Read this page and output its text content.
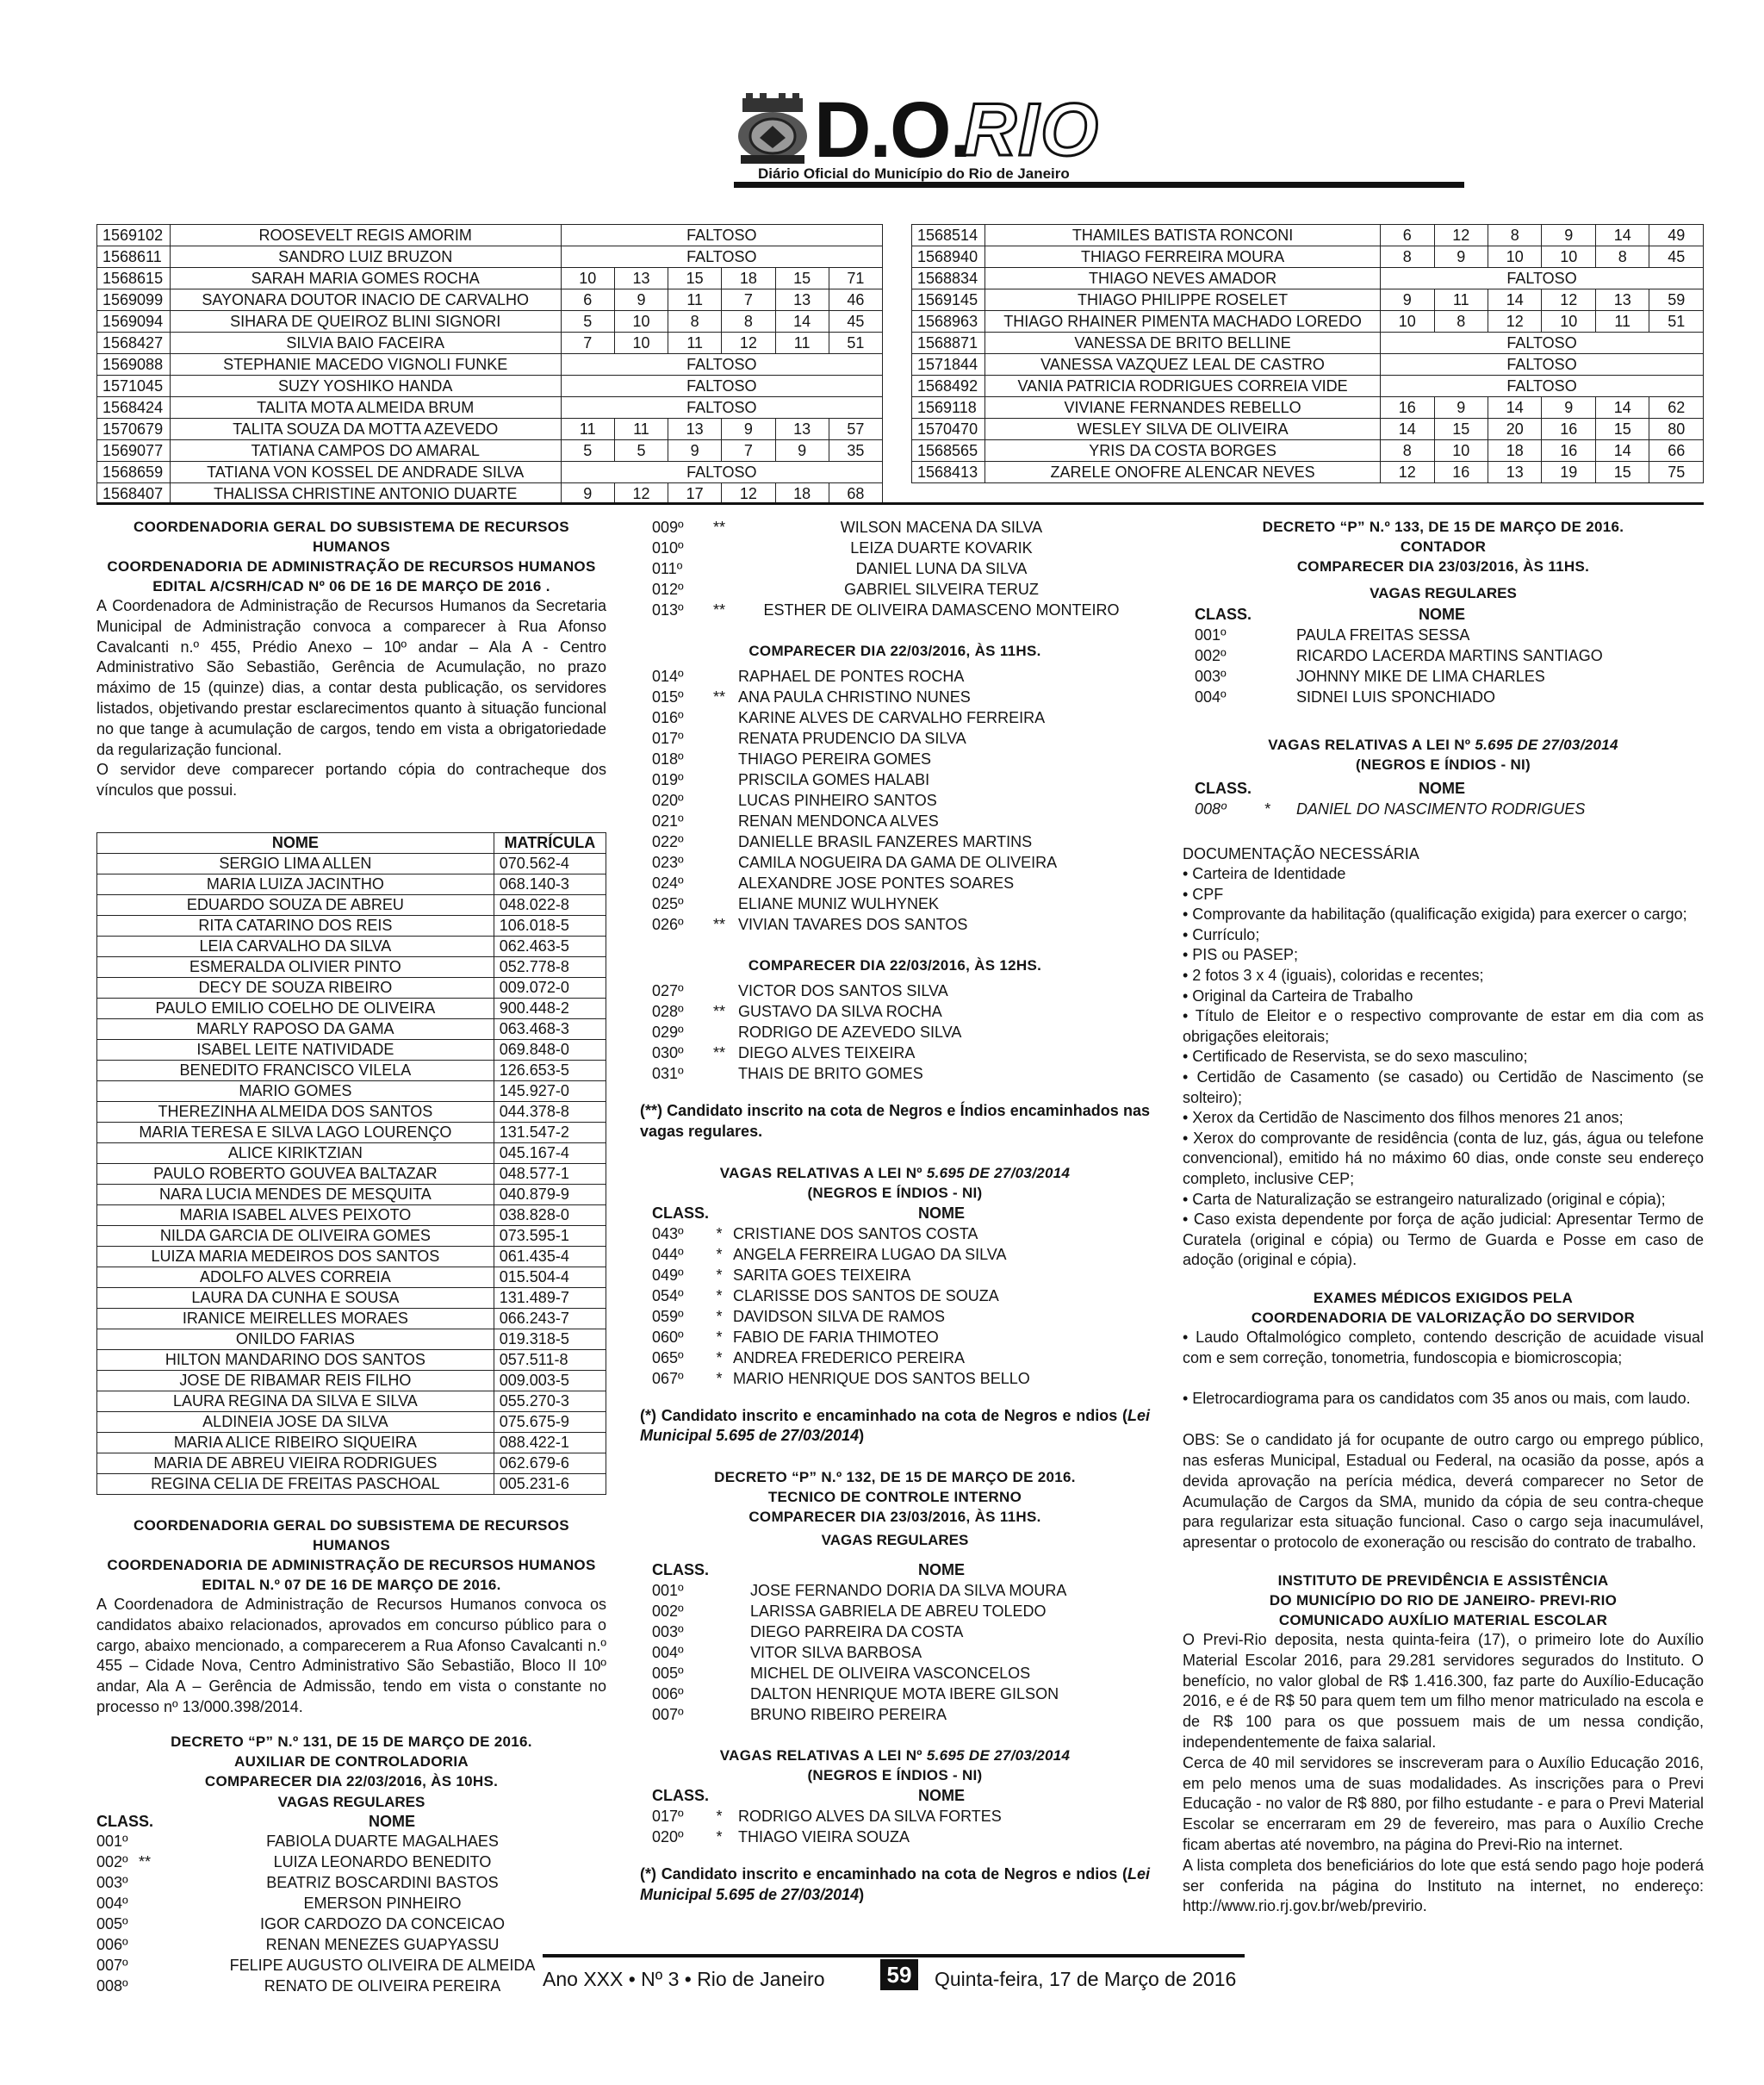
D.O.
RIO
Diário Oficial do Município do Rio de Janeiro
1569102	ROOSEVELT REGIS AMORIM	FALTOSO					
1568611	SANDRO LUIZ BRUZON	FALTOSO					
1568615	SARAH MARIA GOMES ROCHA	10	13	15	18	15	71
1569099	SAYONARA DOUTOR INACIO DE CARVALHO	6	9	11	7	13	46
1569094	SIHARA DE QUEIROZ BLINI SIGNORI	5	10	8	8	14	45
1568427	SILVIA BAIO FACEIRA	7	10	11	12	11	51
1569088	STEPHANIE MACEDO VIGNOLI FUNKE	FALTOSO					
1571045	SUZY YOSHIKO HANDA	FALTOSO					
1568424	TALITA MOTA ALMEIDA BRUM	FALTOSO					
1570679	TALITA SOUZA DA MOTTA AZEVEDO	11	11	13	9	13	57
1569077	TATIANA CAMPOS DO AMARAL	5	5	9	7	9	35
1568659	TATIANA VON KOSSEL DE ANDRADE SILVA	FALTOSO					
1568407	THALISSA CHRISTINE ANTONIO DUARTE	9	12	17	12	18	68
1568514	THAMILES BATISTA RONCONI	6	12	8	9	14	49
1568940	THIAGO FERREIRA MOURA	8	9	10	10	8	45
1568834	THIAGO NEVES AMADOR	FALTOSO					
1569145	THIAGO PHILIPPE ROSELET	9	11	14	12	13	59
1568963	THIAGO RHAINER PIMENTA MACHADO LOREDO	10	8	12	10	11	51
1568871	VANESSA DE BRITO BELLINE	FALTOSO					
1571844	VANESSA VAZQUEZ LEAL DE CASTRO	FALTOSO					
1568492	VANIA PATRICIA RODRIGUES CORREIA VIDE	FALTOSO					
1569118	VIVIANE FERNANDES REBELLO	16	9	14	9	14	62
1570470	WESLEY SILVA DE OLIVEIRA	14	15	20	16	15	80
1568565	YRIS DA COSTA BORGES	8	10	18	16	14	66
1568413	ZARELE ONOFRE ALENCAR NEVES	12	16	13	19	15	75
COORDENADORIA GERAL DO SUBSISTEMA DE RECURSOS HUMANOS
COORDENADORIA DE ADMINISTRAÇÃO DE RECURSOS HUMANOS
EDITAL A/CSRH/CAD Nº 06 DE 16 DE MARÇO DE 2016 .
A Coordenadora de Administração de Recursos Humanos da Secretaria Municipal de Administração convoca a comparecer à Rua Afonso Cavalcanti n.º 455, Prédio Anexo – 10º andar – Ala A - Centro Administrativo São Sebastião, Gerência de Acumulação, no prazo máximo de 15 (quinze) dias, a contar desta publicação, os servidores listados, objetivando prestar esclarecimentos quanto à situação funcional no que tange à acumulação de cargos, tendo em vista a obrigatoriedade da regularização funcional.
O servidor deve comparecer portando cópia do contracheque dos vínculos que possui.
NOME	MATRÍCULA
SERGIO LIMA ALLEN	070.562-4
MARIA LUIZA JACINTHO	068.140-3
EDUARDO SOUZA DE ABREU	048.022-8
RITA CATARINO DOS REIS	106.018-5
LEIA CARVALHO DA SILVA	062.463-5
ESMERALDA OLIVIER PINTO	052.778-8
DECY DE SOUZA RIBEIRO	009.072-0
PAULO EMILIO COELHO DE OLIVEIRA	900.448-2
MARLY RAPOSO DA GAMA	063.468-3
ISABEL LEITE NATIVIDADE	069.848-0
BENEDITO FRANCISCO VILELA	126.653-5
MARIO GOMES	145.927-0
THEREZINHA ALMEIDA DOS SANTOS	044.378-8
MARIA TERESA E SILVA LAGO LOURENÇO	131.547-2
ALICE KIRIKTZIAN	045.167-4
PAULO ROBERTO GOUVEA BALTAZAR	048.577-1
NARA LUCIA MENDES DE MESQUITA	040.879-9
MARIA ISABEL ALVES PEIXOTO	038.828-0
NILDA GARCIA DE OLIVEIRA GOMES	073.595-1
LUIZA MARIA MEDEIROS DOS SANTOS	061.435-4
ADOLFO ALVES CORREIA	015.504-4
LAURA DA CUNHA E SOUSA	131.489-7
IRANICE MEIRELLES MORAES	066.243-7
ONILDO FARIAS	019.318-5
HILTON MANDARINO DOS SANTOS	057.511-8
JOSE DE RIBAMAR REIS FILHO	009.003-5
LAURA REGINA DA SILVA E SILVA	055.270-3
ALDINEIA JOSE DA SILVA	075.675-9
MARIA ALICE RIBEIRO SIQUEIRA	088.422-1
MARIA DE ABREU VIEIRA RODRIGUES	062.679-6
REGINA CELIA DE FREITAS PASCHOAL	005.231-6
COORDENADORIA GERAL DO SUBSISTEMA DE RECURSOS HUMANOS
COORDENADORIA DE ADMINISTRAÇÃO DE RECURSOS HUMANOS
EDITAL N.º 07 DE 16 DE MARÇO DE 2016.
A Coordenadora de Administração de Recursos Humanos convoca os candidatos abaixo relacionados, aprovados em concurso público para o cargo, abaixo mencionado, a comparecerem a Rua Afonso Cavalcanti n.º 455 – Cidade Nova, Centro Administrativo São Sebastião, Bloco II 10º andar, Ala A – Gerência de Admissão, tendo em vista o constante no processo nº 13/000.398/2014.
DECRETO “P” N.º 131, DE 15 DE MARÇO DE 2016.
AUXILIAR DE CONTROLADORIA
COMPARECER DIA 22/03/2016, ÀS 10HS.
VAGAS REGULARES
CLASS.	NOME
001º	FABIOLA DUARTE MAGALHAES
002º **	LUIZA LEONARDO BENEDITO
003º	BEATRIZ BOSCARDINI BASTOS
004º	EMERSON PINHEIRO
005º	IGOR CARDOZO DA CONCEICAO
006º	RENAN MENEZES GUAPYASSU
007º	FELIPE AUGUSTO OLIVEIRA DE ALMEIDA
008º	RENATO DE OLIVEIRA PEREIRA
009º	**	WILSON MACENA DA SILVA
010º	LEIZA DUARTE KOVARIK
011º	DANIEL LUNA DA SILVA
012º	GABRIEL SILVEIRA TERUZ
013º	**	ESTHER DE OLIVEIRA DAMASCENO MONTEIRO
COMPARECER DIA 22/03/2016, ÀS 11HS.
014º	RAPHAEL DE PONTES ROCHA
015º	** ANA PAULA CHRISTINO NUNES
016º	KARINE ALVES DE CARVALHO FERREIRA
017º	RENATA PRUDENCIO DA SILVA
018º	THIAGO PEREIRA GOMES
019º	PRISCILA GOMES HALABI
020º	LUCAS PINHEIRO SANTOS
021º	RENAN MENDONCA ALVES
022º	DANIELLE BRASIL FANZERES MARTINS
023º	CAMILA NOGUEIRA DA GAMA DE OLIVEIRA
024º	ALEXANDRE JOSE PONTES SOARES
025º	ELIANE MUNIZ WULHYNEK
026º	** VIVIAN TAVARES DOS SANTOS
COMPARECER DIA 22/03/2016, ÀS 12HS.
027º	VICTOR DOS SANTOS SILVA
028º	** GUSTAVO DA SILVA ROCHA
029º	RODRIGO DE AZEVEDO SILVA
030º	** DIEGO ALVES TEIXEIRA
031º	THAIS DE BRITO GOMES
(**) Candidato inscrito na cota de Negros e Índios encaminhados nas vagas regulares.
VAGAS RELATIVAS A LEI Nº 5.695 DE 27/03/2014
(NEGROS E ÍNDIOS - NI)
CLASS.	NOME
043º	* CRISTIANE DOS SANTOS COSTA
044º	* ANGELA FERREIRA LUGAO DA SILVA
049º	* SARITA GOES TEIXEIRA
054º	* CLARISSE DOS SANTOS DE SOUZA
059º	* DAVIDSON SILVA DE RAMOS
060º	* FABIO DE FARIA THIMOTEO
065º	* ANDREA FREDERICO PEREIRA
067º	* MARIO HENRIQUE DOS SANTOS BELLO
(*) Candidato inscrito e encaminhado na cota de Negros e ndios (Lei Municipal 5.695 de 27/03/2014)
DECRETO “P” N.º 132, DE 15 DE MARÇO DE 2016.
TECNICO DE CONTROLE INTERNO
COMPARECER DIA 23/03/2016, ÀS 11HS.
VAGAS REGULARES
CLASS.	NOME
001º	JOSE FERNANDO DORIA DA SILVA MOURA
002º	LARISSA GABRIELA DE ABREU TOLEDO
003º	DIEGO PARREIRA DA COSTA
004º	VITOR SILVA BARBOSA
005º	MICHEL DE OLIVEIRA VASCONCELOS
006º	DALTON HENRIQUE MOTA IBERE GILSON
007º	BRUNO RIBEIRO PEREIRA
VAGAS RELATIVAS A LEI Nº 5.695 DE 27/03/2014
(NEGROS E ÍNDIOS - NI)
CLASS.	NOME
017º	*	RODRIGO ALVES DA SILVA FORTES
020º	*	THIAGO VIEIRA SOUZA
(*) Candidato inscrito e encaminhado na cota de Negros e ndios (Lei Municipal 5.695 de 27/03/2014)
DECRETO “P” N.º 133, DE 15 DE MARÇO DE 2016.
CONTADOR
COMPARECER DIA 23/03/2016, ÀS 11HS.
VAGAS REGULARES
CLASS.	NOME
001º	PAULA FREITAS SESSA
002º	RICARDO LACERDA MARTINS SANTIAGO
003º	JOHNNY MIKE DE LIMA CHARLES
004º	SIDNEI LUIS SPONCHIADO
VAGAS RELATIVAS A LEI Nº 5.695 DE 27/03/2014
(NEGROS E ÍNDIOS - NI)
CLASS.	NOME
008º	*	DANIEL DO NASCIMENTO RODRIGUES
DOCUMENTAÇÃO NECESSÁRIA
• Carteira de Identidade
• CPF
• Comprovante da habilitação (qualificação exigida) para exercer o cargo;
• Currículo;
• PIS ou PASEP;
• 2 fotos 3 x 4 (iguais), coloridas e recentes;
• Original da Carteira de Trabalho
• Título de Eleitor e o respectivo comprovante de estar em dia com as obrigações eleitorais;
• Certificado de Reservista, se do sexo masculino;
• Certidão de Casamento (se casado) ou Certidão de Nascimento (se solteiro);
• Xerox da Certidão de Nascimento dos filhos menores 21 anos;
• Xerox do comprovante de residência (conta de luz, gás, água ou telefone convencional), emitido há no máximo 60 dias, onde conste seu endereço completo, inclusive CEP;
• Carta de Naturalização se estrangeiro naturalizado (original e cópia);
• Caso exista dependente por força de ação judicial: Apresentar Termo de Curatela (original e cópia) ou Termo de Guarda e Posse em caso de adoção (original e cópia).
EXAMES MÉDICOS EXIGIDOS PELA
COORDENADORIA DE VALORIZAÇÃO DO SERVIDOR
• Laudo Oftalmológico completo, contendo descrição de acuidade visual com e sem correção, tonometria, fundoscopia e biomicroscopia;
• Eletrocardiograma para os candidatos com 35 anos ou mais, com laudo.
OBS: Se o candidato já for ocupante de outro cargo ou emprego público, nas esferas Municipal, Estadual ou Federal, na ocasião da posse, após a devida aprovação na perícia médica, deverá comparecer no Setor de Acumulação de Cargos da SMA, munido da cópia de seu contra-cheque para regularizar esta situação funcional. Caso o cargo seja inacumulável, apresentar o protocolo de exoneração ou rescisão do contrato de trabalho.
INSTITUTO DE PREVIDÊNCIA E ASSISTÊNCIA
DO MUNICÍPIO DO RIO DE JANEIRO- PREVI-RIO
COMUNICADO AUXÍLIO MATERIAL ESCOLAR
O Previ-Rio deposita, nesta quinta-feira (17), o primeiro lote do Auxílio Material Escolar 2016, para 29.281 servidores segurados do Instituto. O benefício, no valor global de R$ 1.416.300, faz parte do Auxílio-Educação 2016, e é de R$ 50 para quem tem um filho menor matriculado na escola e de R$ 100 para os que possuem mais de um nessa condição, independentemente de faixa salarial.
Cerca de 40 mil servidores se inscreveram para o Auxílio Educação 2016, em pelo menos uma de suas modalidades. As inscrições para o Previ Educação - no valor de R$ 880, por filho estudante - e para o Previ Material Escolar se encerraram em 29 de fevereiro, mas para o Auxílio Creche ficam abertas até novembro, na página do Previ-Rio na internet.
A lista completa dos beneficiários do lote que está sendo pago hoje poderá ser conferida na página do Instituto na internet, no endereço: http://www.rio.rj.gov.br/web/previrio.
Ano XXX • Nº 3 • Rio de Janeiro	59	Quinta-feira, 17 de Março de 2016
